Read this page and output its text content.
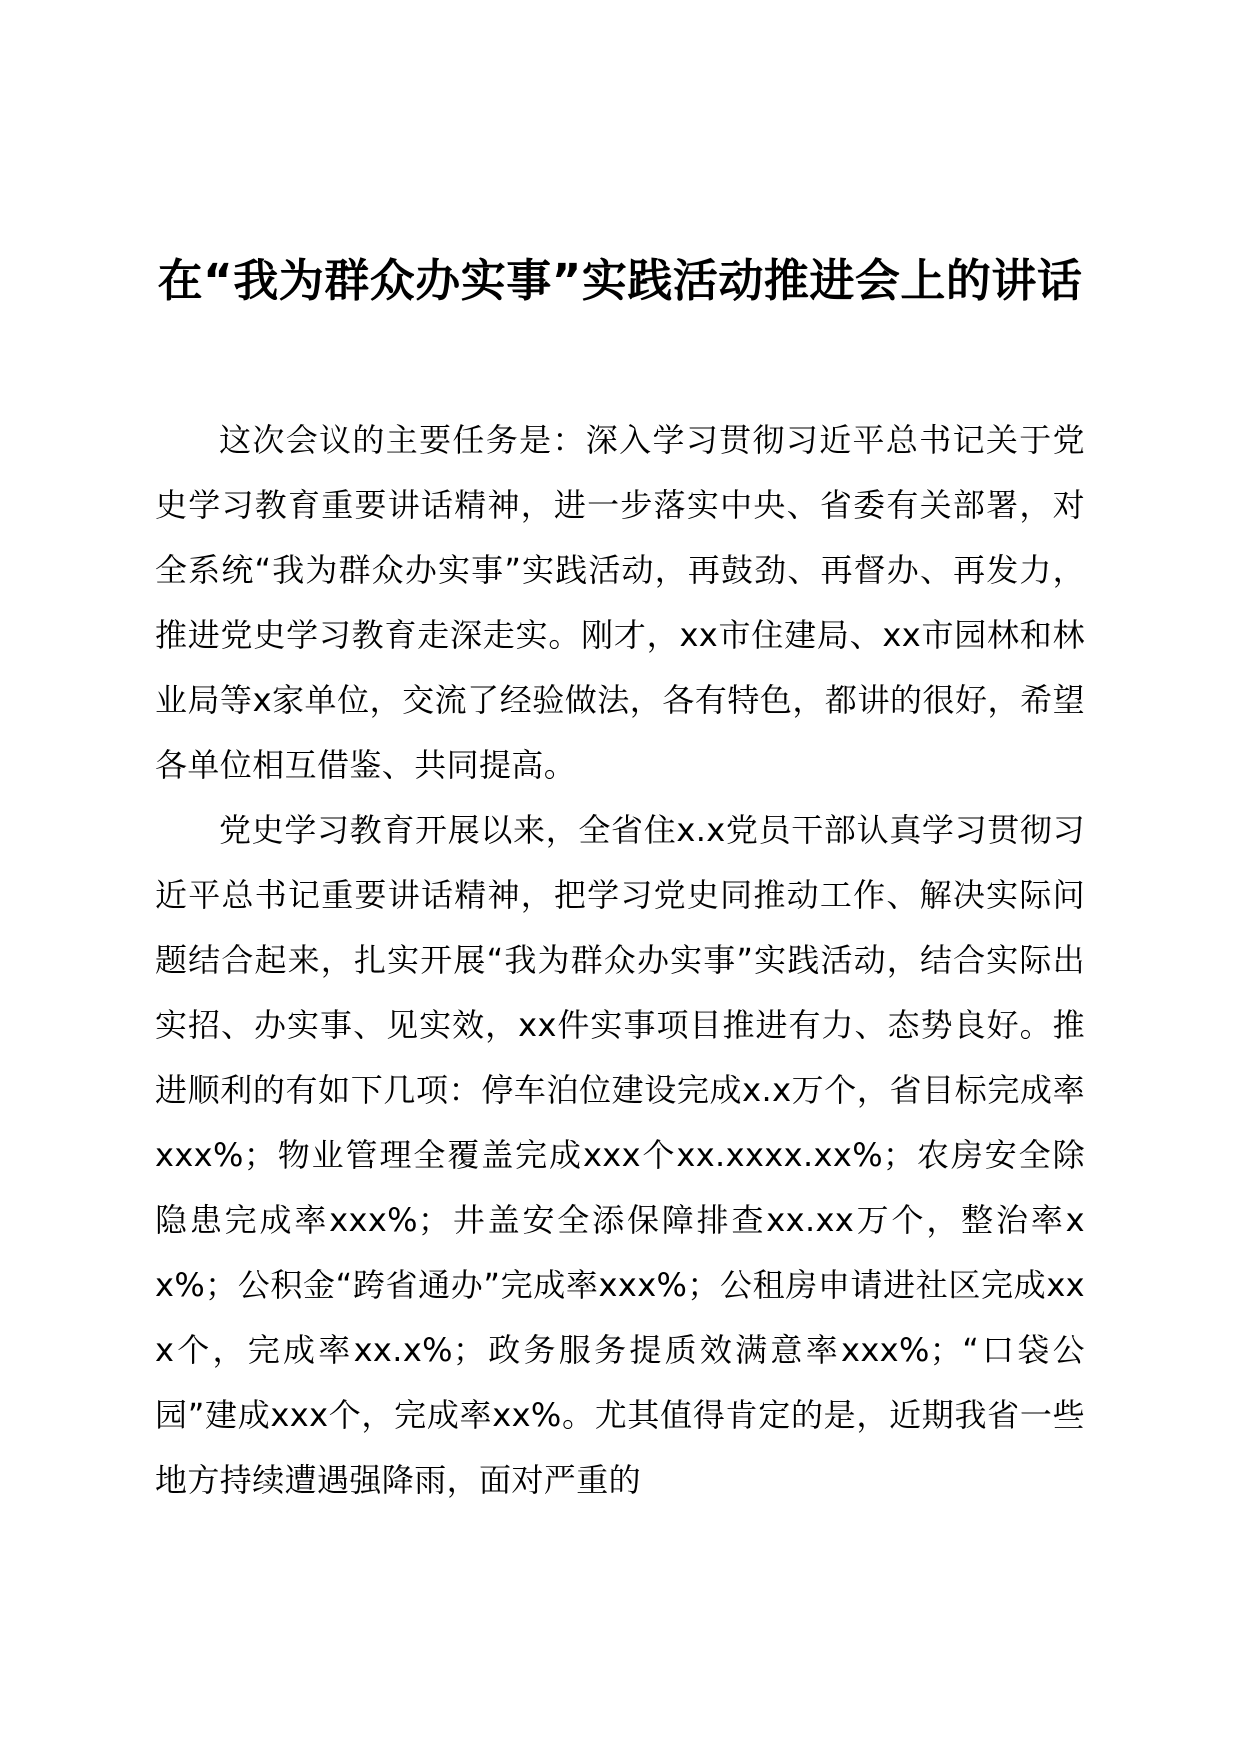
在“我为群众办实事”实践活动推进会上的讲话

这次会议的主要任务是：深入学习贯彻习近平总书记关于党史学习教育重要讲话精神，进一步落实中央、省委有关部署，对全系统“我为群众办实事”实践活动，再鼓劲、再督办、再发力，推进党史学习教育走深走实。刚才，xx市住建局、xx市园林和林业局等x家单位，交流了经验做法，各有特色，都讲的很好，希望各单位相互借鉴、共同提高。

党史学习教育开展以来，全省住x.x党员干部认真学习贯彻习近平总书记重要讲话精神，把学习党史同推动工作、解决实际问题结合起来，扎实开展“我为群众办实事”实践活动，结合实际出实招、办实事、见实效，xx件实事项目推进有力、态势良好。推进顺利的有如下几项：停车泊位建设完成x.x万个，省目标完成率xxx%；物业管理全覆盖完成xxx个xx.xxxx.xx%；农房安全除隐患完成率xxx%；井盖安全添保障排查xx.xx万个，整治率xx%；公积金“跨省通办”完成率xxx%；公租房申请进社区完成xxx个，完成率xx.x%；政务服务提质效满意率xxx%；“口袋公园”建成xxx个，完成率xx%。尤其值得肯定的是，近期我省一些地方持续遭遇强降雨，面对严重的
